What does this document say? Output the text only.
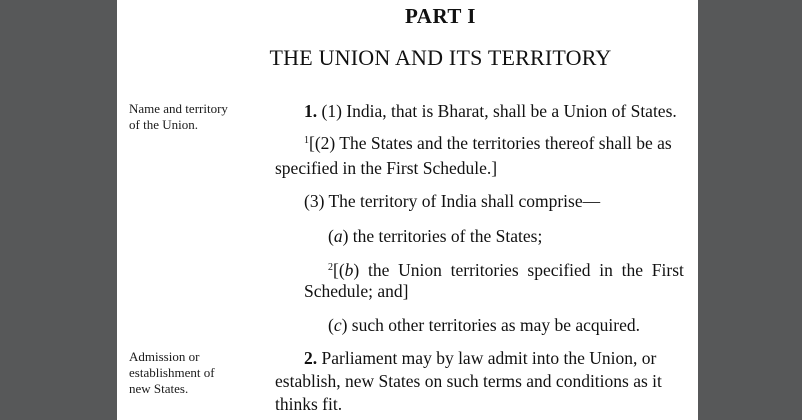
PART I
THE UNION AND ITS TERRITORY
Name and territory
of the Union.
1. (1) India, that is Bharat, shall be a Union of States.
$^1$[(2) The States and the territories thereof shall be as
specified in the First Schedule.]
(3) The territory of India shall comprise—
(a) the territories of the States;
$^2$[(b)  the  Union  territories  specified  in  the  First
Schedule; and]
(c) such other territories as may be acquired.
Admission or
establishment of
new States.
2. Parliament may by law admit into the Union, or
establish, new States on such terms and conditions as it
thinks fit.
